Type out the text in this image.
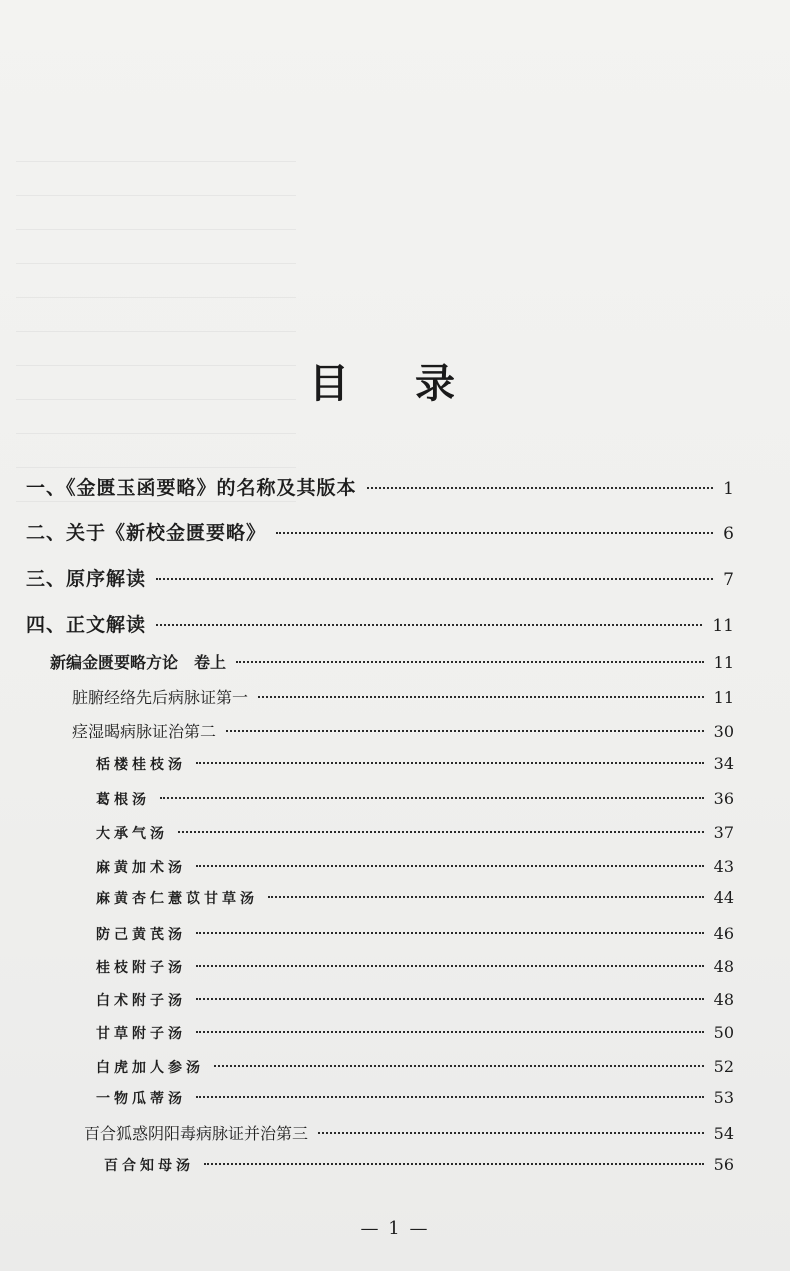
目 录
一、《金匮玉函要略》的名称及其版本	1
二、关于《新校金匮要略》	6
三、原序解读	7
四、正文解读	11
新编金匮要略方论　卷上	11
脏腑经络先后病脉证第一	11
痉湿暍病脉证治第二	30
栝楼桂枝汤	34
葛根汤	36
大承气汤	37
麻黄加术汤	43
麻黄杏仁薏苡甘草汤	44
防己黄芪汤	46
桂枝附子汤	48
白术附子汤	48
甘草附子汤	50
白虎加人参汤	52
一物瓜蒂汤	53
百合狐惑阴阳毒病脉证并治第三	54
百合知母汤	56
— 1 —
